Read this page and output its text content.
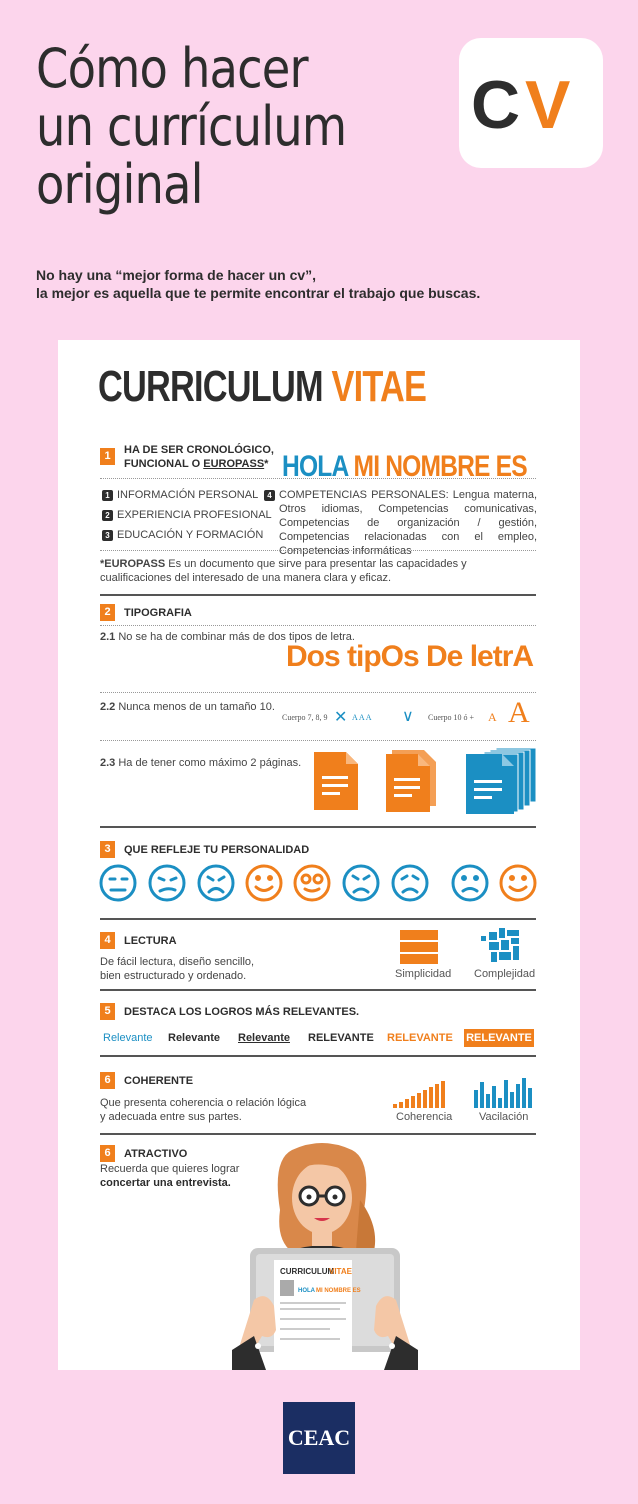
Cómo hacer
un currículum
original
C V
No hay una “mejor forma de hacer un cv”,
la mejor es aquella que te permite encontrar el trabajo que buscas.
CURRICULUM VITAE
1	HA DE SER CRONOLÓGICO,
FUNCIONAL O EUROPASS* HOLA MI NOMBRE ES
1 INFORMACIÓN PERSONAL
2 EXPERIENCIA PROFESIONAL
3 EDUCACIÓN Y FORMACIÓN
4 COMPETENCIAS PERSONALES: Lengua materna, Otros idiomas, Competencias comunicativas, Competencias de organización / gestión, Competencias relacionadas con el empleo, Competencias informáticas
*EUROPASS Es un documento que sirve para presentar las capacidades y cualificaciones del interesado de una manera clara y eficaz.
2	TIPOGRAFIA
2.1 No se ha de combinar más de dos tipos de letra.
Dos tipOs De letrA
2.2 Nunca menos de un tamaño 10.
Cuerpo 7, 8, 9 ✕ A A A ∨ Cuerpo 10 ó + A A
2.3 Ha de tener como máximo 2 páginas.
3	QUE REFLEJE TU PERSONALIDAD
4	LECTURA
De fácil lectura, diseño sencillo,
bien estructurado y ordenado.	Simplicidad Complejidad
5	DESTACA LOS LOGROS MÁS RELEVANTES.
Relevante Relevante Relevante RELEVANTE RELEVANTE RELEVANTE
6	COHERENTE
Que presenta coherencia o relación lógica
y adecuada entre sus partes.	Coherencia Vacilación
6	ATRACTIVO
Recuerda que quieres lograr
concertar una entrevista.
CURRICULUM
VITAE
HOLA MI NOMBRE ES
CEAC
